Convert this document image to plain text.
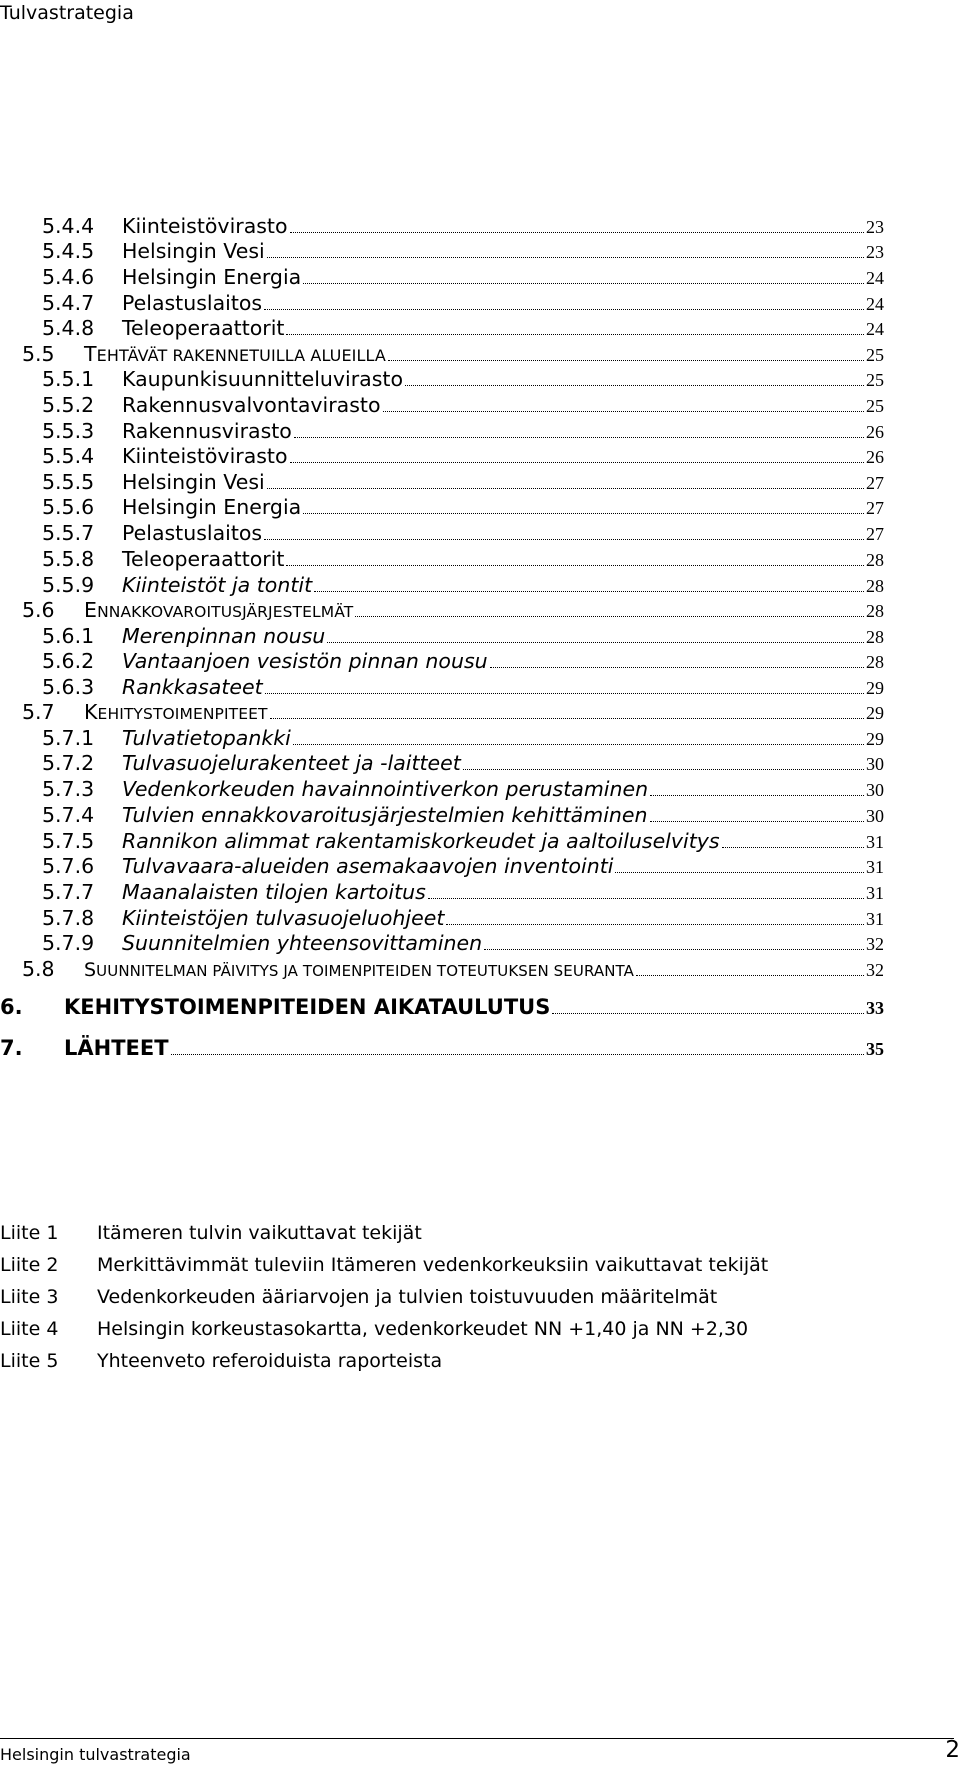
Tulvastrategia
5.4.4	Kiinteistövirasto	23
5.4.5	Helsingin Vesi	23
5.4.6	Helsingin Energia	24
5.4.7	Pelastuslaitos	24
5.4.8	Teleoperaattorit	24
5.5	TEHTÄVÄT RAKENNETUILLA ALUEILLA	25
5.5.1	Kaupunkisuunnitteluvirasto	25
5.5.2	Rakennusvalvontavirasto	25
5.5.3	Rakennusvirasto	26
5.5.4	Kiinteistövirasto	26
5.5.5	Helsingin Vesi	27
5.5.6	Helsingin Energia	27
5.5.7	Pelastuslaitos	27
5.5.8	Teleoperaattorit	28
5.5.9	Kiinteistöt ja tontit	28
5.6	ENNAKKOVAROITUSJÄRJESTELMÄT	28
5.6.1	Merenpinnan nousu	28
5.6.2	Vantaanjoen vesistön pinnan nousu	28
5.6.3	Rankkasateet	29
5.7	KEHITYSTOIMENPITEET	29
5.7.1	Tulvatietopankki	29
5.7.2	Tulvasuojelurakenteet ja -laitteet	30
5.7.3	Vedenkorkeuden havainnointiverkon perustaminen	30
5.7.4	Tulvien ennakkovaroitusjärjestelmien kehittäminen	30
5.7.5	Rannikon alimmat rakentamiskorkeudet ja aaltoiluselvitys	31
5.7.6	Tulvavaara-alueiden asemakaavojen inventointi	31
5.7.7	Maanalaisten tilojen kartoitus	31
5.7.8	Kiinteistöjen tulvasuojeluohjeet	31
5.7.9	Suunnitelmien yhteensovittaminen	32
5.8	SUUNNITELMAN PÄIVITYS JA TOIMENPITEIDEN TOTEUTUKSEN SEURANTA	32
6.	KEHITYSTOIMENPITEIDEN AIKATAULUTUS	33
7.	LÄHTEET	35
Liite 1 Itämeren tulvin vaikuttavat tekijät
Liite 2 Merkittävimmät tuleviin Itämeren vedenkorkeuksiin vaikuttavat tekijät
Liite 3 Vedenkorkeuden ääriarvojen ja tulvien toistuvuuden määritelmät
Liite 4 Helsingin korkeustasokartta, vedenkorkeudet NN +1,40 ja NN +2,30
Liite 5 Yhteenveto referoiduista raporteista
Helsingin tulvastrategia	2
